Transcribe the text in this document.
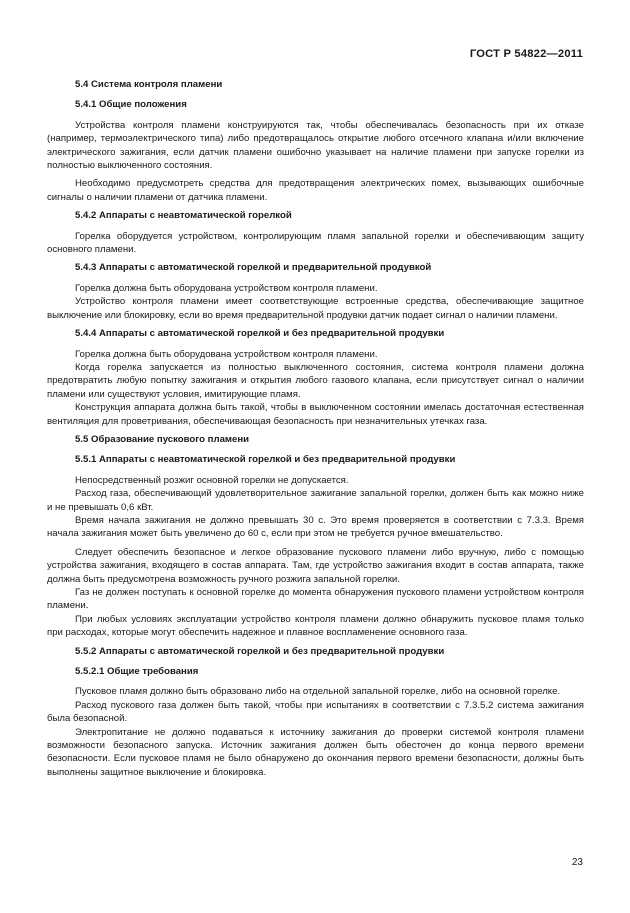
ГОСТ Р 54822—2011
5.4 Система контроля пламени
5.4.1 Общие положения

Устройства контроля пламени конструируются так, чтобы обеспечивалась безопасность при их отказе (например, термоэлектрического типа) либо предотвращалось открытие любого отсечного клапана и/или включение электрического зажигания, если датчик пламени ошибочно указывает на наличие пламени при запуске горелки из полностью выключенного состояния.

Необходимо предусмотреть средства для предотвращения электрических помех, вызывающих ошибочные сигналы о наличии пламени от датчика пламени.

5.4.2 Аппараты с неавтоматической горелкой

Горелка оборудуется устройством, контролирующим пламя запальной горелки и обеспечивающим защиту основного пламени.

5.4.3 Аппараты с автоматической горелкой и предварительной продувкой

Горелка должна быть оборудована устройством контроля пламени.

Устройство контроля пламени имеет соответствующие встроенные средства, обеспечивающие защитное выключение или блокировку, если во время предварительной продувки датчик подает сигнал о наличии пламени.

5.4.4 Аппараты с автоматической горелкой и без предварительной продувки

Горелка должна быть оборудована устройством контроля пламени.

Когда горелка запускается из полностью выключенного состояния, система контроля пламени должна предотвратить любую попытку зажигания и открытия любого газового клапана, если присутствует сигнал о наличии пламени или существуют условия, имитирующие пламя.

Конструкция аппарата должна быть такой, чтобы в выключенном состоянии имелась достаточная естественная вентиляция для проветривания, обеспечивающая безопасность при незначительных утечках газа.

5.5 Образование пускового пламени
5.5.1 Аппараты с неавтоматической горелкой и без предварительной продувки

Непосредственный розжиг основной горелки не допускается.

Расход газа, обеспечивающий удовлетворительное зажигание запальной горелки, должен быть как можно ниже и не превышать 0,6 кВт.

Время начала зажигания не должно превышать 30 с. Это время проверяется в соответствии с 7.3.3. Время начала зажигания может быть увеличено до 60 с, если при этом не требуется ручное вмешательство.

Следует обеспечить безопасное и легкое образование пускового пламени либо вручную, либо с помощью устройства зажигания, входящего в состав аппарата. Там, где устройство зажигания входит в состав аппарата, также должна быть предусмотрена возможность ручного розжига запальной горелки.

Газ не должен поступать к основной горелке до момента обнаружения пускового пламени устройством контроля пламени.

При любых условиях эксплуатации устройство контроля пламени должно обнаружить пусковое пламя только при расходах, которые могут обеспечить надежное и плавное воспламенение основного газа.

5.5.2 Аппараты с автоматической горелкой и без предварительной продувки
5.5.2.1 Общие требования

Пусковое пламя должно быть образовано либо на отдельной запальной горелке, либо на основной горелке.

Расход пускового газа должен быть такой, чтобы при испытаниях в соответствии с 7.3.5.2 система зажигания была безопасной.

Электропитание не должно подаваться к источнику зажигания до проверки системой контроля пламени возможности безопасного запуска. Источник зажигания должен быть обесточен до конца первого времени безопасности. Если пусковое пламя не было обнаружено до окончания первого времени безопасности, должны быть выполнены защитное выключение и блокировка.

23
